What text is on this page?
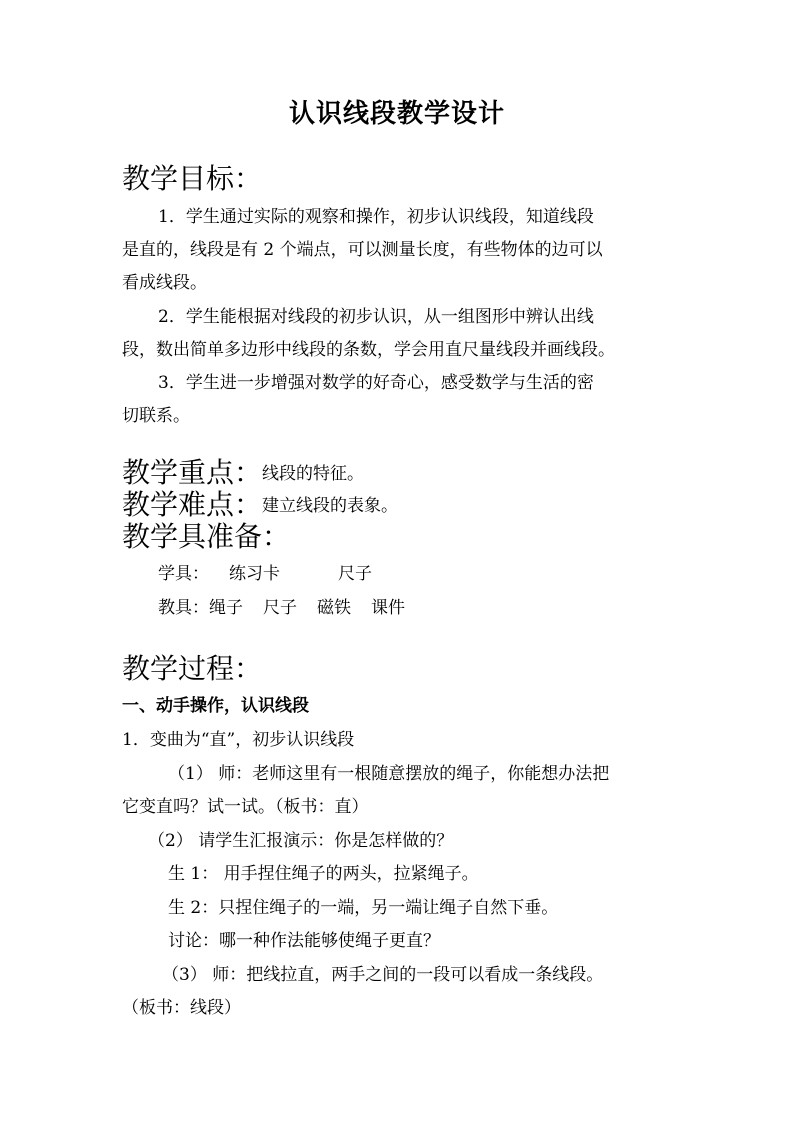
认识线段教学设计
教学目标：
1．学生通过实际的观察和操作，初步认识线段，知道线段
是直的，线段是有 2 个端点，可以测量长度，有些物体的边可以
看成线段。
2．学生能根据对线段的初步认识，从一组图形中辨认出线
段，数出简单多边形中线段的条数，学会用直尺量线段并画线段。
3．学生进一步增强对数学的好奇心，感受数学与生活的密
切联系。
教学重点：线段的特征。
教学难点：建立线段的表象。
教学具准备：
学具： 练习卡	尺子
教具：绳子 尺子 磁铁 课件
教学过程：
一、动手操作，认识线段
1．变曲为“直”，初步认识线段
（1） 师：老师这里有一根随意摆放的绳子，你能想办法把
它变直吗？试一试。（板书：直）
（2） 请学生汇报演示：你是怎样做的？
生 1： 用手捏住绳子的两头，拉紧绳子。
生 2：只捏住绳子的一端，另一端让绳子自然下垂。
讨论：哪一种作法能够使绳子更直？
（3） 师：把线拉直，两手之间的一段可以看成一条线段。
（板书：线段）
